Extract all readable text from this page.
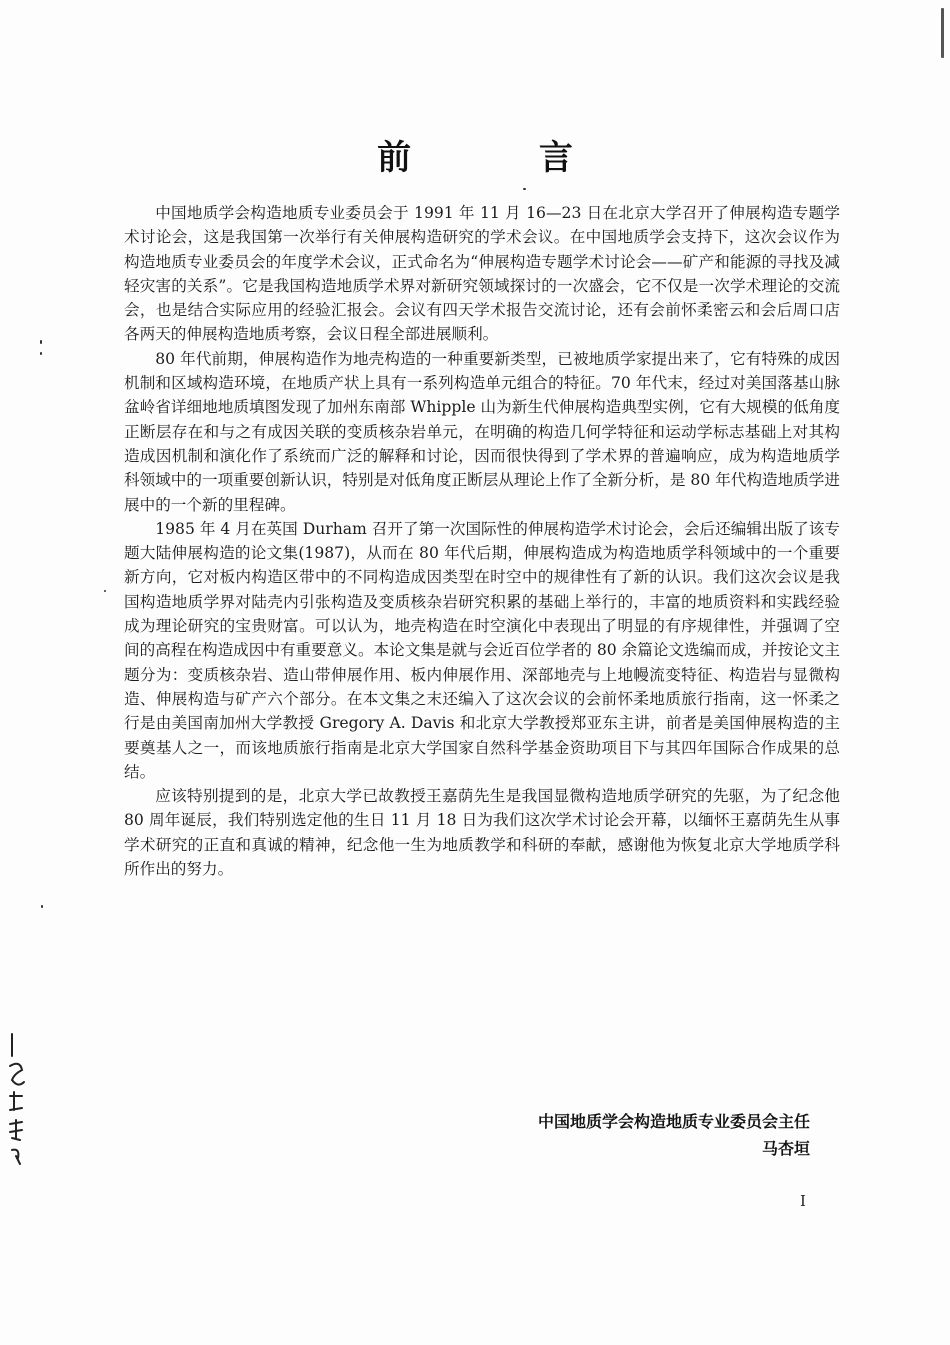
前 言

中国地质学会构造地质专业委员会于 1991 年 11 月 16—23 日在北京大学召开了伸展构造专题学术讨论会，这是我国第一次举行有关伸展构造研究的学术会议。在中国地质学会支持下，这次会议作为构造地质专业委员会的年度学术会议，正式命名为“伸展构造专题学术讨论会——矿产和能源的寻找及减轻灾害的关系”。它是我国构造地质学术界对新研究领域探讨的一次盛会，它不仅是一次学术理论的交流会，也是结合实际应用的经验汇报会。会议有四天学术报告交流讨论，还有会前怀柔密云和会后周口店各两天的伸展构造地质考察，会议日程全部进展顺利。

80 年代前期，伸展构造作为地壳构造的一种重要新类型，已被地质学家提出来了，它有特殊的成因机制和区域构造环境，在地质产状上具有一系列构造单元组合的特征。70 年代末，经过对美国落基山脉盆岭省详细地地质填图发现了加州东南部 Whipple 山为新生代伸展构造典型实例，它有大规模的低角度正断层存在和与之有成因关联的变质核杂岩单元，在明确的构造几何学特征和运动学标志基础上对其构造成因机制和演化作了系统而广泛的解释和讨论，因而很快得到了学术界的普遍响应，成为构造地质学科领域中的一项重要创新认识，特别是对低角度正断层从理论上作了全新分析，是 80 年代构造地质学进展中的一个新的里程碑。

1985 年 4 月在英国 Durham 召开了第一次国际性的伸展构造学术讨论会，会后还编辑出版了该专题大陆伸展构造的论文集(1987)，从而在 80 年代后期，伸展构造成为构造地质学科领域中的一个重要新方向，它对板内构造区带中的不同构造成因类型在时空中的规律性有了新的认识。我们这次会议是我国构造地质学界对陆壳内引张构造及变质核杂岩研究积累的基础上举行的，丰富的地质资料和实践经验成为理论研究的宝贵财富。可以认为，地壳构造在时空演化中表现出了明显的有序规律性，并强调了空间的高程在构造成因中有重要意义。本论文集是就与会近百位学者的 80 余篇论文选编而成，并按论文主题分为：变质核杂岩、造山带伸展作用、板内伸展作用、深部地壳与上地幔流变特征、构造岩与显微构造、伸展构造与矿产六个部分。在本文集之末还编入了这次会议的会前怀柔地质旅行指南，这一怀柔之行是由美国南加州大学教授 Gregory A. Davis 和北京大学教授郑亚东主讲，前者是美国伸展构造的主要奠基人之一，而该地质旅行指南是北京大学国家自然科学基金资助项目下与其四年国际合作成果的总结。

应该特别提到的是，北京大学已故教授王嘉荫先生是我国显微构造地质学研究的先驱，为了纪念他 80 周年诞辰，我们特别选定他的生日 11 月 18 日为我们这次学术讨论会开幕，以缅怀王嘉荫先生从事学术研究的正直和真诚的精神，纪念他一生为地质教学和科研的奉献，感谢他为恢复北京大学地质学科所作出的努力。

中国地质学会构造地质专业委员会主任
马杏垣
I
